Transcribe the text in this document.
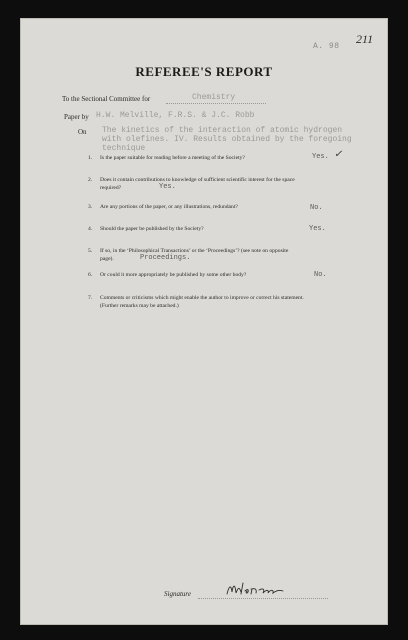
A. 98
211
REFEREE'S REPORT
To the Sectional Committee for	Chemistry
Paper by H.W. Melville, F.R.S. & J.C. Robb
On The kinetics of the interaction of atomic hydrogen
with olefines. IV. Results obtained by the foregoing
technique
1. Is the paper suitable for reading before a meeting of the Society?	Yes. ✓
2. Does it contain contributions to knowledge of sufficient scientific interest for the space
required?	Yes.
3. Are any portions of the paper, or any illustrations, redundant?	No.
4. Should the paper be published by the Society?	Yes.
5. If so, in the ‘Philosophical Transactions’ or the ‘Proceedings’? (see note on opposite
page).	Proceedings.
6. Or could it more appropriately be published by some other body?	No.
7. Comments or criticisms which might enable the author to improve or correct his statement.
(Further remarks may be attached.)
Signature
